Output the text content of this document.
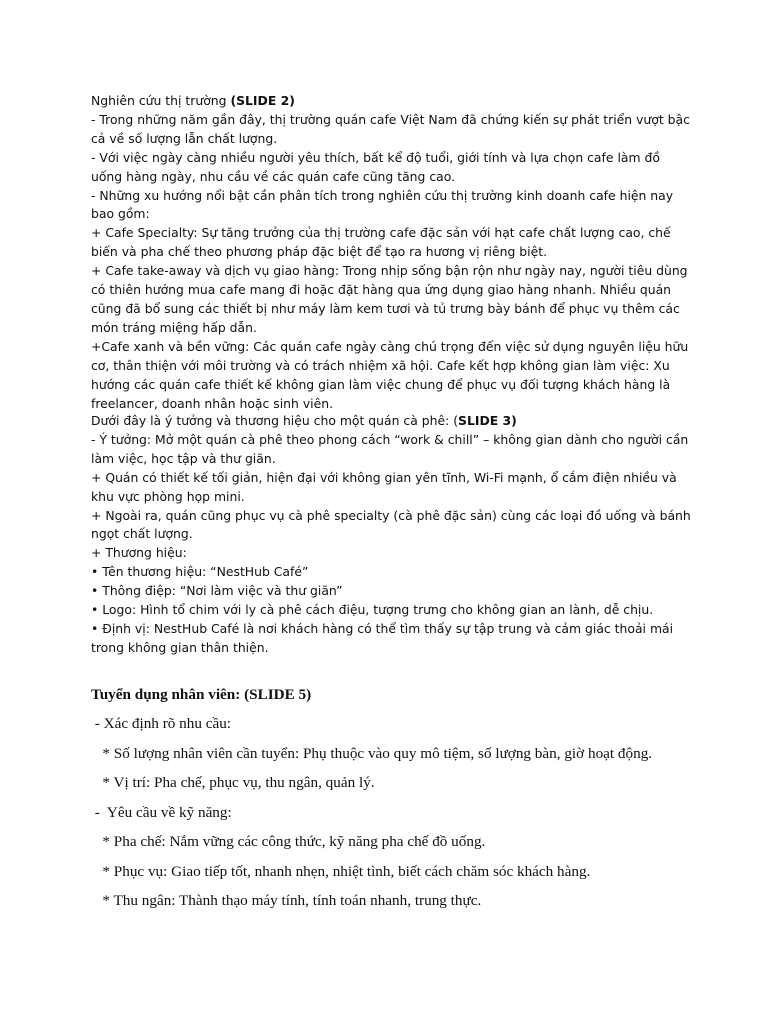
Nghiên cứu thị trường (SLIDE 2)
- Trong những năm gần đây, thị trường quán cafe Việt Nam đã chứng kiến sự phát triển vượt bậc cả về số lượng lẫn chất lượng.
- Với việc ngày càng nhiều người yêu thích, bất kể độ tuổi, giới tính và lựa chọn cafe làm đồ uống hàng ngày, nhu cầu về các quán cafe cũng tăng cao.
- Những xu hướng nổi bật cần phân tích trong nghiên cứu thị trường kinh doanh cafe hiện nay bao gồm:
+ Cafe Specialty: Sự tăng trưởng của thị trường cafe đặc sản với hạt cafe chất lượng cao, chế biến và pha chế theo phương pháp đặc biệt để tạo ra hương vị riêng biệt.
+ Cafe take-away và dịch vụ giao hàng: Trong nhịp sống bận rộn như ngày nay, người tiêu dùng có thiên hướng mua cafe mang đi hoặc đặt hàng qua ứng dụng giao hàng nhanh. Nhiều quán cũng đã bổ sung các thiết bị như máy làm kem tươi và tủ trưng bày bánh để phục vụ thêm các món tráng miệng hấp dẫn.
+Cafe xanh và bền vững: Các quán cafe ngày càng chú trọng đến việc sử dụng nguyên liệu hữu cơ, thân thiện với môi trường và có trách nhiệm xã hội. Cafe kết hợp không gian làm việc: Xu hướng các quán cafe thiết kế không gian làm việc chung để phục vụ đối tượng khách hàng là freelancer, doanh nhân hoặc sinh viên.
Dưới đây là ý tưởng và thương hiệu cho một quán cà phê: (SLIDE 3)
- Ý tưởng: Mở một quán cà phê theo phong cách “work & chill” – không gian dành cho người cần làm việc, học tập và thư giãn.
+ Quán có thiết kế tối giản, hiện đại với không gian yên tĩnh, Wi-Fi mạnh, ổ cắm điện nhiều và khu vực phòng họp mini.
+ Ngoài ra, quán cũng phục vụ cà phê specialty (cà phê đặc sản) cùng các loại đồ uống và bánh ngọt chất lượng.
+ Thương hiệu:
• Tên thương hiệu: “NestHub Café”
• Thông điệp: “Nơi làm việc và thư giãn”
• Logo: Hình tổ chim với ly cà phê cách điệu, tượng trưng cho không gian an lành, dễ chịu.
• Định vị: NestHub Café là nơi khách hàng có thể tìm thấy sự tập trung và cảm giác thoải mái trong không gian thân thiện.
Tuyển dụng nhân viên: (SLIDE 5)
- Xác định rõ nhu cầu:
* Số lượng nhân viên cần tuyển: Phụ thuộc vào quy mô tiệm, số lượng bàn, giờ hoạt động.
* Vị trí: Pha chế, phục vụ, thu ngân, quản lý.
-  Yêu cầu về kỹ năng:
* Pha chế: Nắm vững các công thức, kỹ năng pha chế đồ uống.
* Phục vụ: Giao tiếp tốt, nhanh nhẹn, nhiệt tình, biết cách chăm sóc khách hàng.
* Thu ngân: Thành thạo máy tính, tính toán nhanh, trung thực.
